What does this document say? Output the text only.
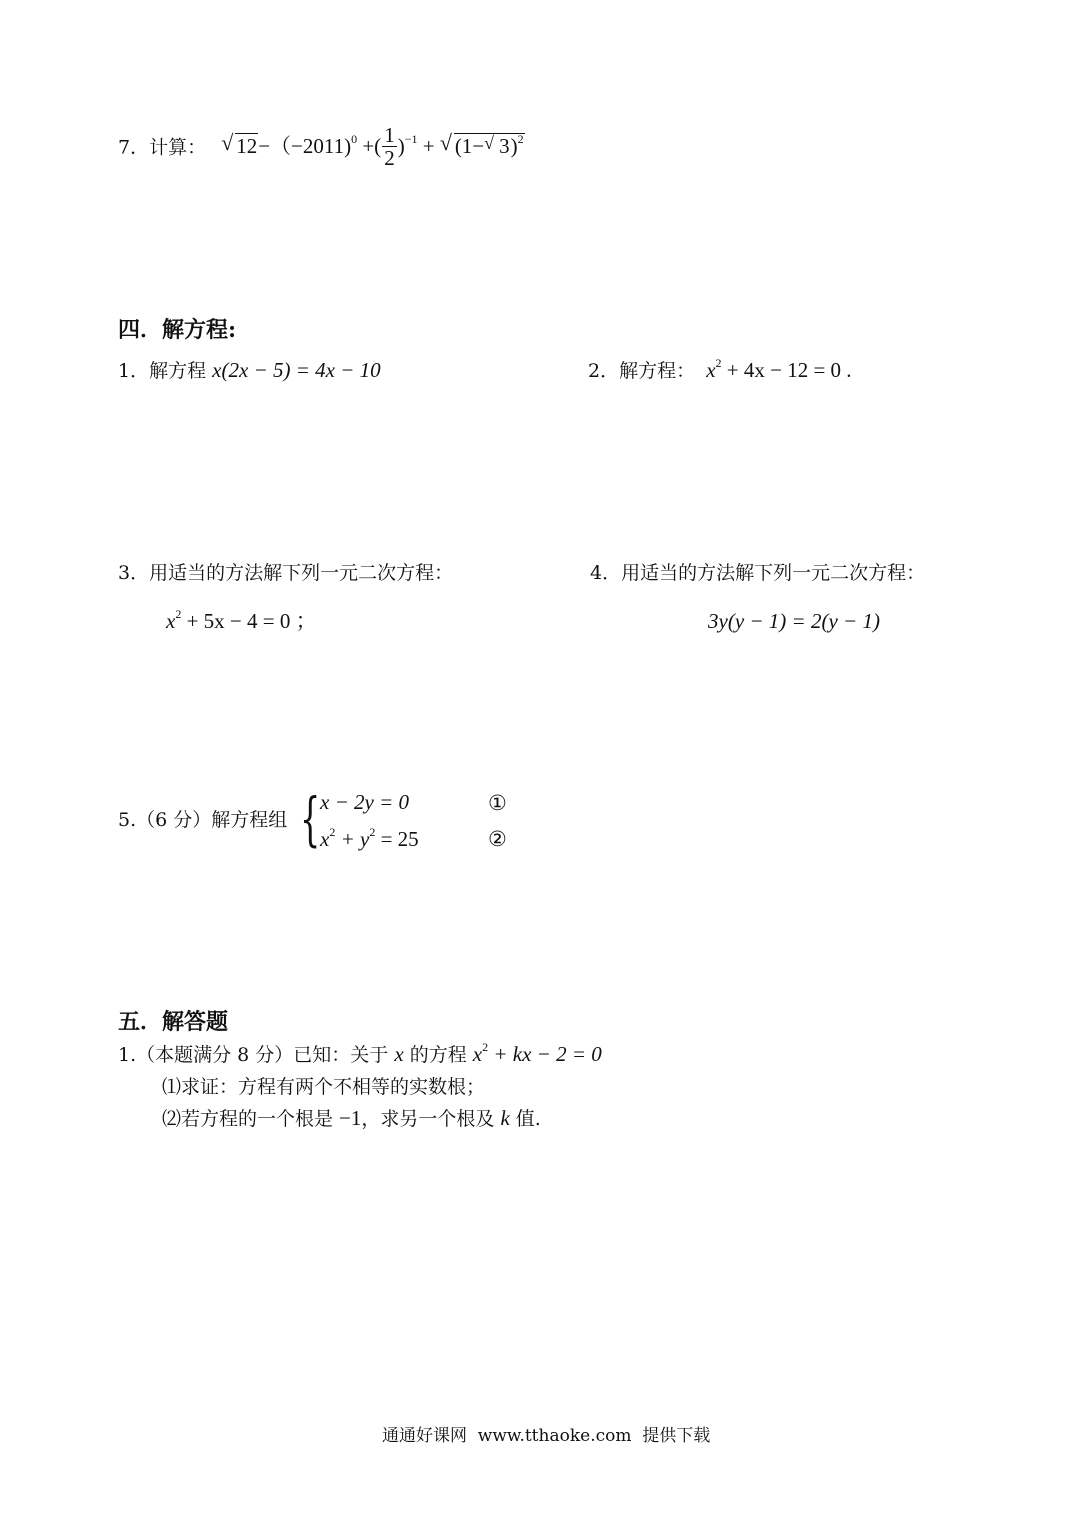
7．计算： √ 12−（−2011)$^0$ +( $\frac{1}{2} )^{-1}$ + √ (1− √ 3)$^2$
四．解方程:
1．解方程 x(2x − 5) = 4x − 10	2．解方程： $x^2 + 4x - 12 = 0$ .
3．用适当的方法解下列一元二次方程：
$x^2 + 5x - 4 = 0$ ；
4．用适当的方法解下列一元二次方程：
3y(y − 1) = 2(y − 1)
5.（6 分）解方程组 { x − 2y = 0
$x^2 + y^2 = 25$
①
②
五．解答题
1.（本题满分 8 分）已知：关于 x 的方程 $x^2$ + kx − 2 = 0
⑴求证：方程有两个不相等的实数根；
⑵若方程的一个根是 −1，求另一个根及 k 值.
通通好课网  www.tthaoke.com  提供下载
